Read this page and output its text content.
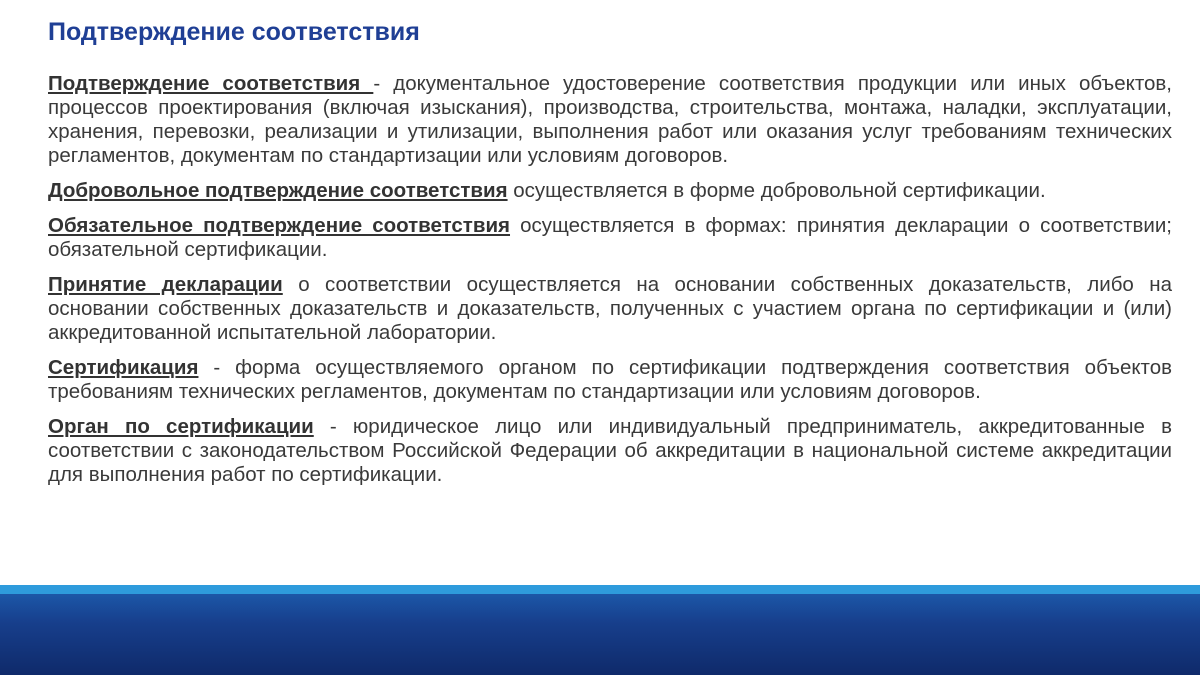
Подтверждение соответствия

Подтверждение соответствия - документальное удостоверение соответствия продукции или иных объектов, процессов проектирования (включая изыскания), производства, строительства, монтажа, наладки, эксплуатации, хранения, перевозки, реализации и утилизации, выполнения работ или оказания услуг требованиям технических регламентов, документам по стандартизации или условиям договоров.

Добровольное подтверждение соответствия осуществляется в форме добровольной сертификации.

Обязательное подтверждение соответствия осуществляется в формах: принятия декларации о соответствии; обязательной сертификации.

Принятие декларации о соответствии осуществляется на основании собственных доказательств, либо на основании собственных доказательств и доказательств, полученных с участием органа по сертификации и (или) аккредитованной испытательной лаборатории.

Сертификация - форма осуществляемого органом по сертификации подтверждения соответствия объектов требованиям технических регламентов, документам по стандартизации или условиям договоров.

Орган по сертификации - юридическое лицо или индивидуальный предприниматель, аккредитованные в соответствии с законодательством Российской Федерации об аккредитации в национальной системе аккредитации для выполнения работ по сертификации.
